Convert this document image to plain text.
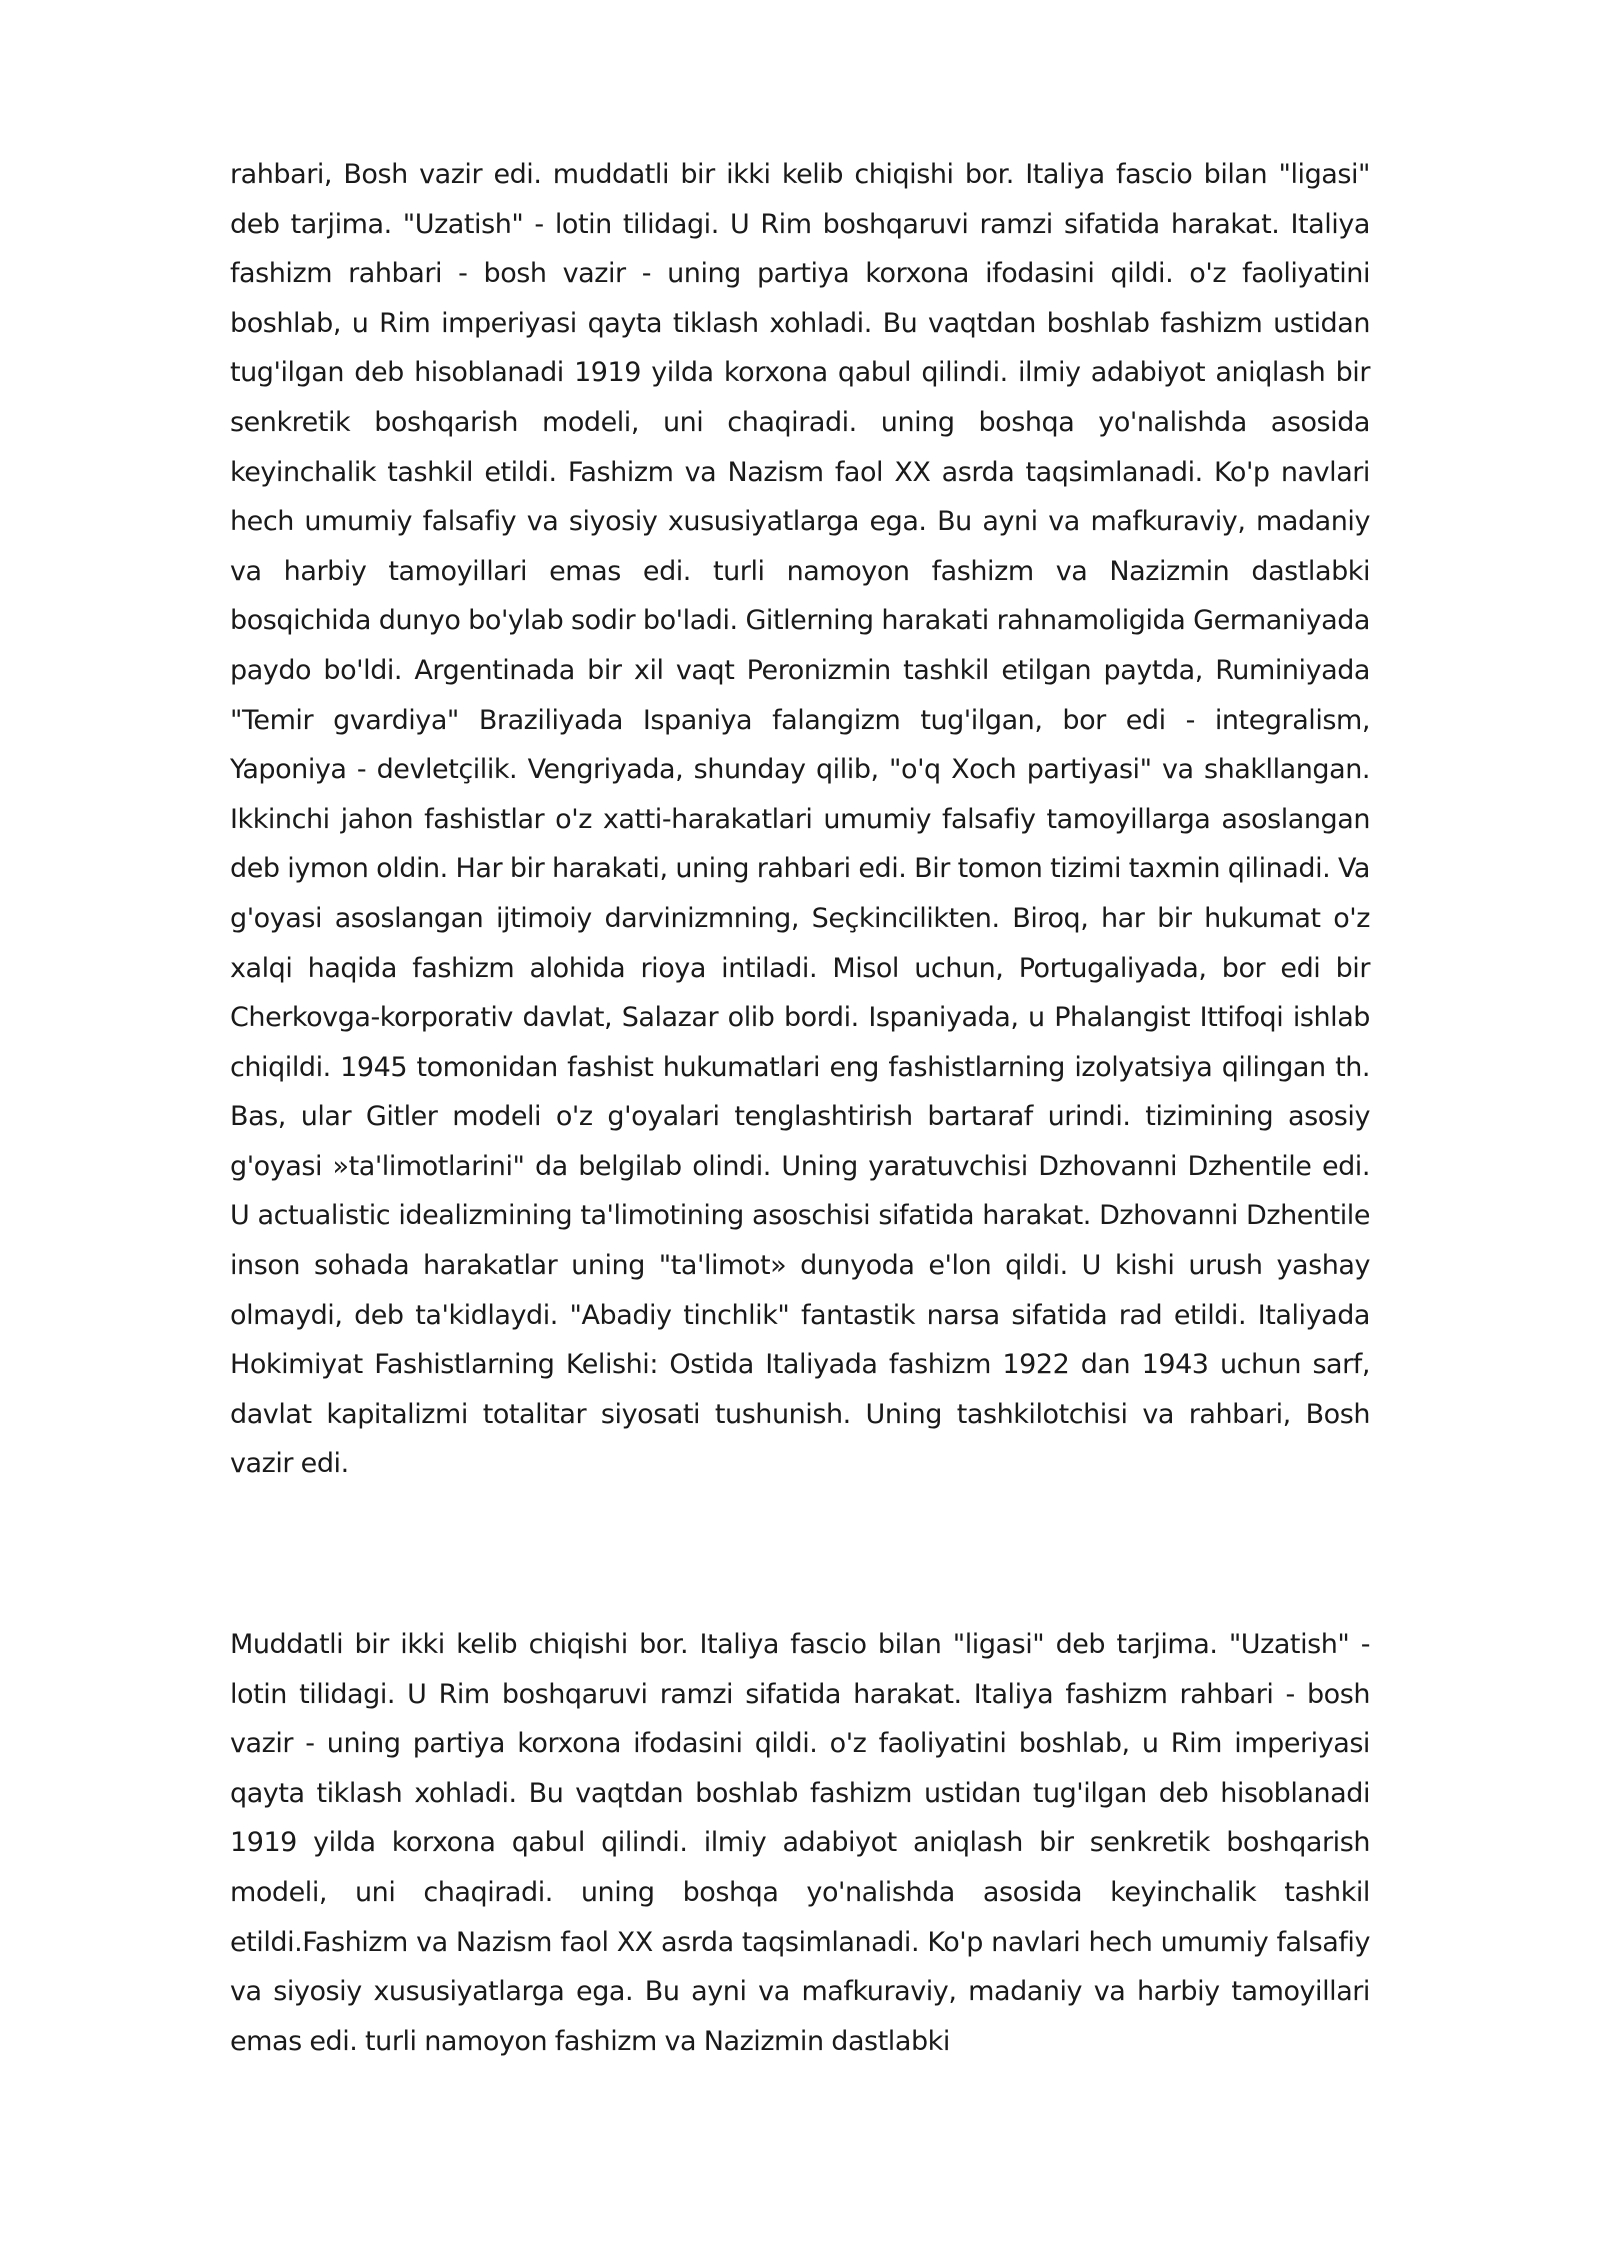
rahbari, Bosh vazir edi. muddatli bir ikki kelib chiqishi bor. Italiya fascio bilan "ligasi" deb tarjima. "Uzatish" - lotin tilidagi. U Rim boshqaruvi ramzi sifatida harakat. Italiya fashizm rahbari - bosh vazir - uning partiya korxona ifodasini qildi. o'z faoliyatini boshlab, u Rim imperiyasi qayta tiklash xohladi. Bu vaqtdan boshlab fashizm ustidan tug'ilgan deb hisoblanadi 1919 yilda korxona qabul qilindi. ilmiy adabiyot aniqlash bir senkretik boshqarish modeli, uni chaqiradi. uning boshqa yo'nalishda asosida keyinchalik tashkil etildi. Fashizm va Nazism faol XX asrda taqsimlanadi. Ko'p navlari hech umumiy falsafiy va siyosiy xususiyatlarga ega. Bu ayni va mafkuraviy, madaniy va harbiy tamoyillari emas edi. turli namoyon fashizm va Nazizmin dastlabki bosqichida dunyo bo'ylab sodir bo'ladi. Gitlerning harakati rahnamoligida Germaniyada paydo bo'ldi. Argentinada bir xil vaqt Peronizmin tashkil etilgan paytda, Ruminiyada "Temir gvardiya" Braziliyada Ispaniya falangizm tug'ilgan, bor edi - integralism, Yaponiya - devletçilik. Vengriyada, shunday qilib, "o'q Xoch partiyasi" va shakllangan. Ikkinchi jahon fashistlar o'z xatti-harakatlari umumiy falsafiy tamoyillarga asoslangan deb iymon oldin. Har bir harakati, uning rahbari edi. Bir tomon tizimi taxmin qilinadi. Va g'oyasi asoslangan ijtimoiy darvinizmning, Seçkincilikten. Biroq, har bir hukumat o'z xalqi haqida fashizm alohida rioya intiladi. Misol uchun, Portugaliyada, bor edi bir Cherkovga-korporativ davlat, Salazar olib bordi. Ispaniyada, u Phalangist Ittifoqi ishlab chiqildi. 1945 tomonidan fashist hukumatlari eng fashistlarning izolyatsiya qilingan th. Bas, ular Gitler modeli o'z g'oyalari tenglashtirish bartaraf urindi. tizimining asosiy g'oyasi »ta'limotlarini" da belgilab olindi. Uning yaratuvchisi Dzhovanni Dzhentile edi. U actualistic idealizmining ta'limotining asoschisi sifatida harakat. Dzhovanni Dzhentile inson sohada harakatlar uning "ta'limot» dunyoda e'lon qildi. U kishi urush yashay olmaydi, deb ta'kidlaydi. "Abadiy tinchlik" fantastik narsa sifatida rad etildi. Italiyada Hokimiyat Fashistlarning Kelishi: Ostida Italiyada fashizm 1922 dan 1943 uchun sarf, davlat kapitalizmi totalitar siyosati tushunish. Uning tashkilotchisi va rahbari, Bosh vazir edi.

Muddatli bir ikki kelib chiqishi bor. Italiya fascio bilan "ligasi" deb tarjima. "Uzatish" - lotin tilidagi. U Rim boshqaruvi ramzi sifatida harakat. Italiya fashizm rahbari - bosh vazir - uning partiya korxona ifodasini qildi. o'z faoliyatini boshlab, u Rim imperiyasi qayta tiklash xohladi. Bu vaqtdan boshlab fashizm ustidan tug'ilgan deb hisoblanadi 1919 yilda korxona qabul qilindi. ilmiy adabiyot aniqlash bir senkretik boshqarish modeli, uni chaqiradi. uning boshqa yo'nalishda asosida keyinchalik tashkil etildi.Fashizm va Nazism faol XX asrda taqsimlanadi. Ko'p navlari hech umumiy falsafiy va siyosiy xususiyatlarga ega. Bu ayni va mafkuraviy, madaniy va harbiy tamoyillari emas edi. turli namoyon fashizm va Nazizmin dastlabki
